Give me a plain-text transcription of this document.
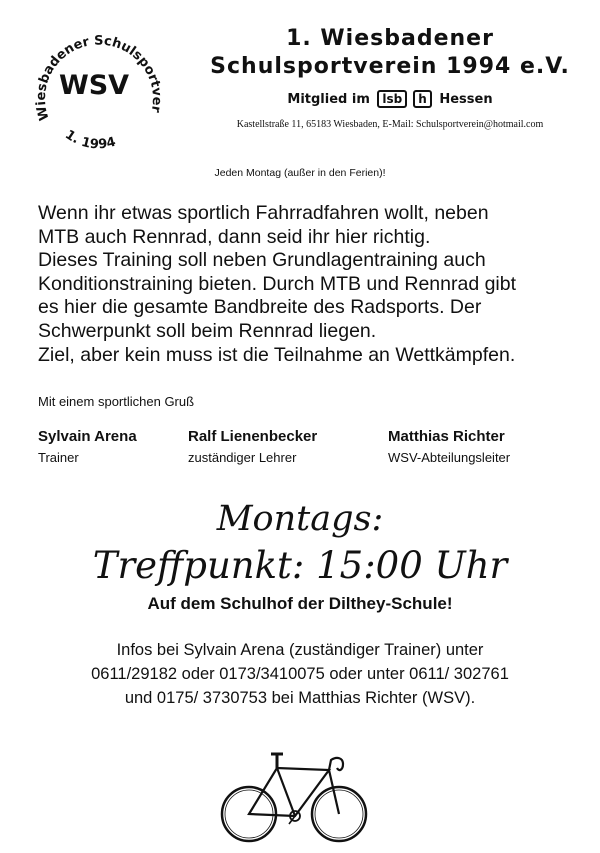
Wiesbadener Schulsportver
1. 1994
WSV
1. Wiesbadener
Schulsportverein 1994 e.V.
Mitglied im lsb h Hessen
Kastellstraße 11, 65183 Wiesbaden, E-Mail: Schulsportverein@hotmail.com
Jeden Montag (außer in den Ferien)!
Wenn ihr etwas sportlich Fahrradfahren wollt, neben
MTB auch Rennrad, dann seid ihr hier richtig.
Dieses Training soll neben Grundlagentraining auch
Konditionstraining bieten. Durch MTB und Rennrad gibt
es hier die gesamte Bandbreite des Radsports. Der
Schwerpunkt soll beim Rennrad liegen.
Ziel, aber kein muss ist die Teilnahme an Wettkämpfen.
Mit einem sportlichen Gruß
Sylvain Arena
Trainer
Ralf Lienenbecker
zuständiger Lehrer
Matthias Richter
WSV-Abteilungsleiter
Montags:
Treffpunkt: 15:00 Uhr
Auf dem Schulhof der Dilthey-Schule!
Infos bei Sylvain Arena (zuständiger Trainer) unter
0611/29182 oder 0173/3410075 oder unter 0611/ 302761
und 0175/ 3730753 bei Matthias Richter (WSV).
